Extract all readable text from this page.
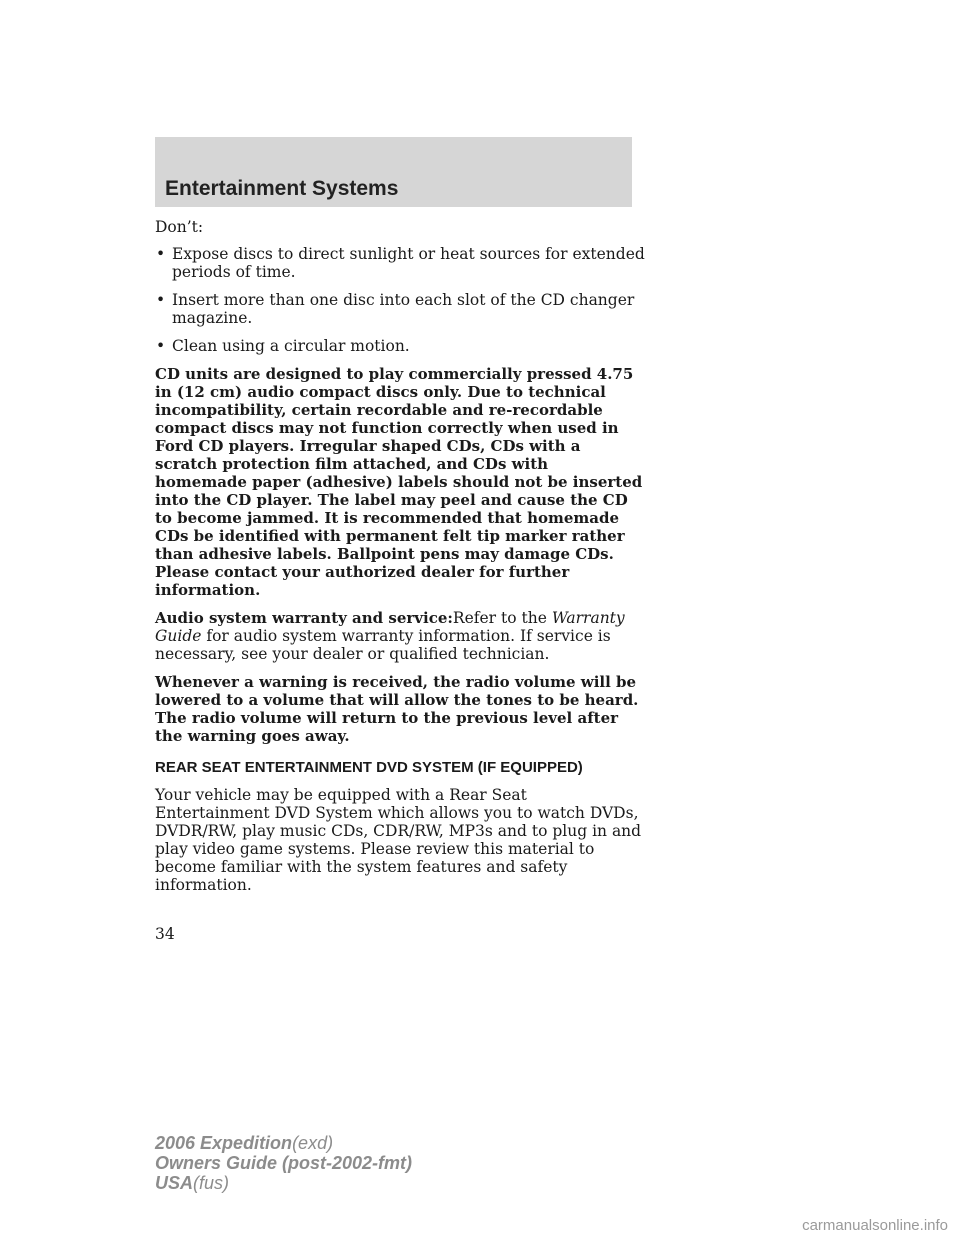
Entertainment Systems

Don’t:

• Expose discs to direct sunlight or heat sources for extended periods of time.
• Insert more than one disc into each slot of the CD changer magazine.
• Clean using a circular motion.

CD units are designed to play commercially pressed 4.75 in (12 cm) audio compact discs only. Due to technical incompatibility, certain recordable and re-recordable compact discs may not function correctly when used in Ford CD players. Irregular shaped CDs, CDs with a scratch protection film attached, and CDs with homemade paper (adhesive) labels should not be inserted into the CD player. The label may peel and cause the CD to become jammed. It is recommended that homemade CDs be identified with permanent felt tip marker rather than adhesive labels. Ballpoint pens may damage CDs. Please contact your authorized dealer for further information.

Audio system warranty and service:Refer to the Warranty Guide for audio system warranty information. If service is necessary, see your dealer or qualified technician.

Whenever a warning is received, the radio volume will be lowered to a volume that will allow the tones to be heard. The radio volume will return to the previous level after the warning goes away.

REAR SEAT ENTERTAINMENT DVD SYSTEM (IF EQUIPPED)

Your vehicle may be equipped with a Rear Seat Entertainment DVD System which allows you to watch DVDs, DVDR/RW, play music CDs, CDR/RW, MP3s and to plug in and play video game systems. Please review this material to become familiar with the system features and safety information.

34
2006 Expedition(exd)
Owners Guide (post-2002-fmt)
USA(fus)
carmanualsonline.info
